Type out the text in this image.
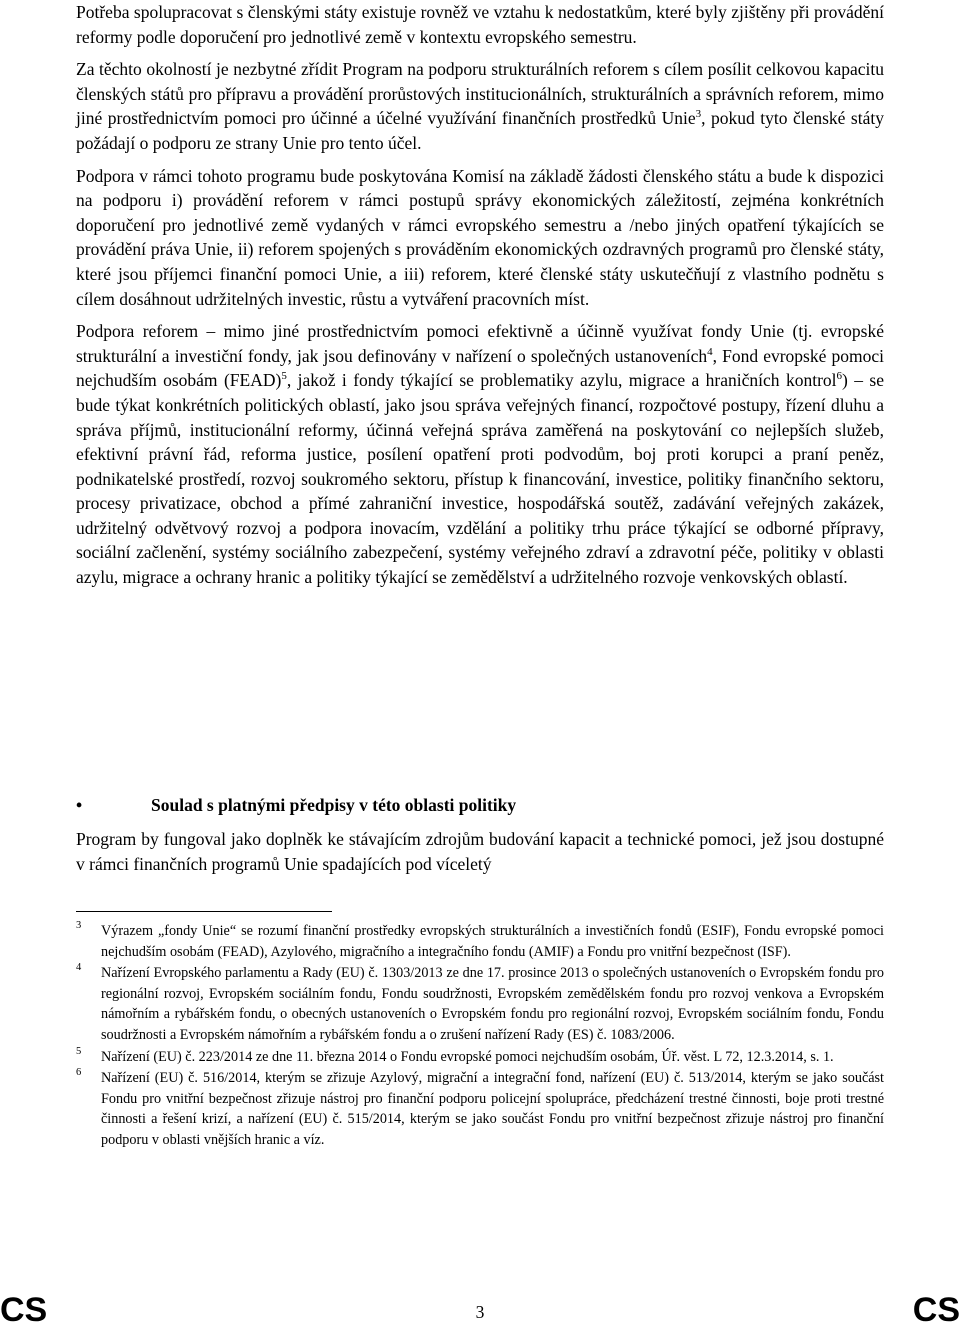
Potřeba spolupracovat s členskými státy existuje rovněž ve vztahu k nedostatkům, které byly zjištěny při provádění reformy podle doporučení pro jednotlivé země v kontextu evropského semestru.

Za těchto okolností je nezbytné zřídit Program na podporu strukturálních reforem s cílem posílit celkovou kapacitu členských států pro přípravu a provádění prorůstových institucionálních, strukturálních a správních reforem, mimo jiné prostřednictvím pomoci pro účinné a účelné využívání finančních prostředků Unie$^3$, pokud tyto členské státy požádají o podporu ze strany Unie pro tento účel.

Podpora v rámci tohoto programu bude poskytována Komisí na základě žádosti členského státu a bude k dispozici na podporu i) provádění reforem v rámci postupů správy ekonomických záležitostí, zejména konkrétních doporučení pro jednotlivé země vydaných v rámci evropského semestru a /nebo jiných opatření týkajících se provádění práva Unie, ii) reforem spojených s prováděním ekonomických ozdravných programů pro členské státy, které jsou příjemci finanční pomoci Unie, a iii) reforem, které členské státy uskutečňují z vlastního podnětu s cílem dosáhnout udržitelných investic, růstu a vytváření pracovních míst.

Podpora reforem – mimo jiné prostřednictvím pomoci efektivně a účinně využívat fondy Unie (tj. evropské strukturální a investiční fondy, jak jsou definovány v nařízení o společných ustanoveních$^4$, Fond evropské pomoci nejchudším osobám (FEAD)$^5$, jakož i fondy týkající se problematiky azylu, migrace a hraničních kontrol$^6$) – se bude týkat konkrétních politických oblastí, jako jsou správa veřejných financí, rozpočtové postupy, řízení dluhu a správa příjmů, institucionální reformy, účinná veřejná správa zaměřená na poskytování co nejlepších služeb, efektivní právní řád, reforma justice, posílení opatření proti podvodům, boj proti korupci a praní peněz, podnikatelské prostředí, rozvoj soukromého sektoru, přístup k financování, investice, politiky finančního sektoru, procesy privatizace, obchod a přímé zahraniční investice, hospodářská soutěž, zadávání veřejných zakázek, udržitelný odvětvový rozvoj a podpora inovacím, vzdělání a politiky trhu práce týkající se odborné přípravy, sociální začlenění, systémy sociálního zabezpečení, systémy veřejného zdraví a zdravotní péče, politiky v oblasti azylu, migrace a ochrany hranic a politiky týkající se zemědělství a udržitelného rozvoje venkovských oblastí.

•	Soulad s platnými předpisy v této oblasti politiky

Program by fungoval jako doplněk ke stávajícím zdrojům budování kapacit a technické pomoci, jež jsou dostupné v rámci finančních programů Unie spadajících pod víceletý

3 Výrazem „fondy Unie“ se rozumí finanční prostředky evropských strukturálních a investičních fondů (ESIF), Fondu evropské pomoci nejchudším osobám (FEAD), Azylového, migračního a integračního fondu (AMIF) a Fondu pro vnitřní bezpečnost (ISF).
4 Nařízení Evropského parlamentu a Rady (EU) č. 1303/2013 ze dne 17. prosince 2013 o společných ustanoveních o Evropském fondu pro regionální rozvoj, Evropském sociálním fondu, Fondu soudržnosti, Evropském zemědělském fondu pro rozvoj venkova a Evropském námořním a rybářském fondu, o obecných ustanoveních o Evropském fondu pro regionální rozvoj, Evropském sociálním fondu, Fondu soudržnosti a Evropském námořním a rybářském fondu a o zrušení nařízení Rady (ES) č. 1083/2006.
5 Nařízení (EU) č. 223/2014 ze dne 11. března 2014 o Fondu evropské pomoci nejchudším osobám, Úř. věst. L 72, 12.3.2014, s. 1.
6 Nařízení (EU) č. 516/2014, kterým se zřizuje Azylový, migrační a integrační fond, nařízení (EU) č. 513/2014, kterým se jako součást Fondu pro vnitřní bezpečnost zřizuje nástroj pro finanční podporu policejní spolupráce, předcházení trestné činnosti, boje proti trestné činnosti a řešení krizí, a nařízení (EU) č. 515/2014, kterým se jako součást Fondu pro vnitřní bezpečnost zřizuje nástroj pro finanční podporu v oblasti vnějších hranic a víz.
CS	3	CS
